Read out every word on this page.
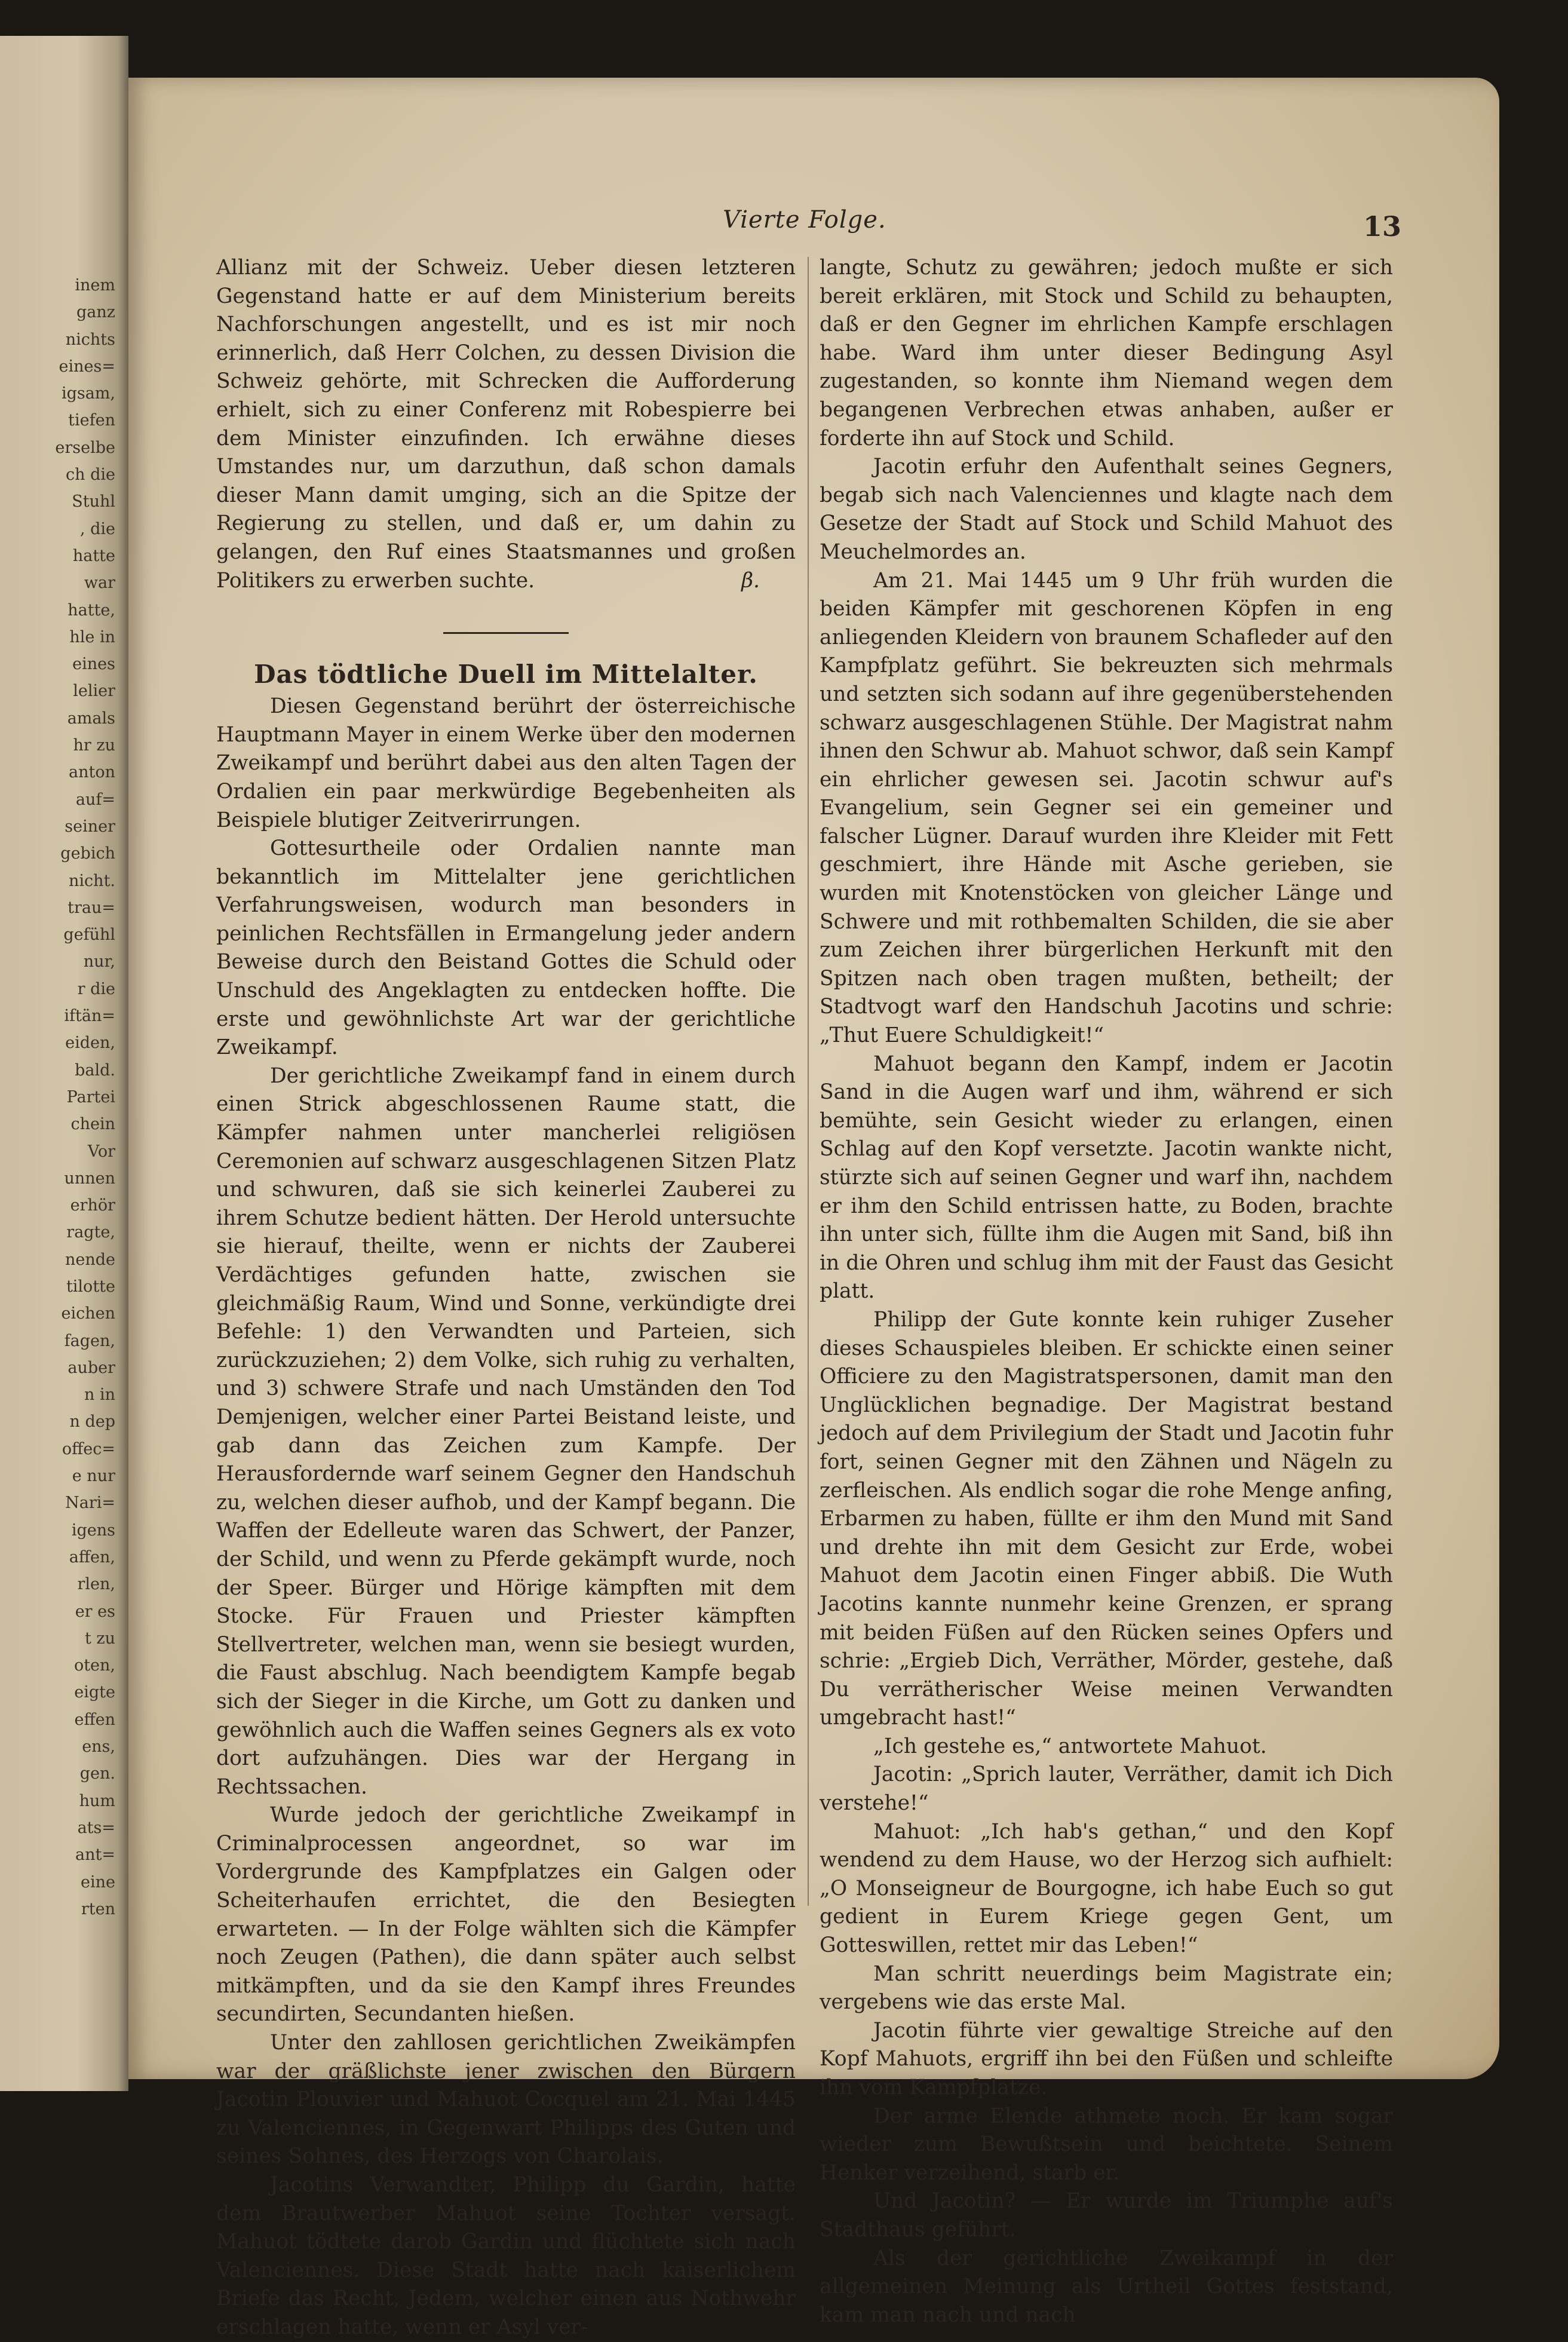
inem
ganz
nichts
eines=
igsam,
tiefen
erselbe
ch die
Stuhl
, die
hatte
war
hatte,
hle in
eines
lelier
amals
hr zu
anton
auf=
seiner
gebich
nicht.
trau=
gefühl
nur,
r die
iftän=
eiden,
bald.
Partei
chein
Vor
unnen
erhör
ragte,
nende
tilotte
eichen
fagen,
auber
n in
n dep
offec=
e nur
Nari=
igens
affen,
rlen,
er es
t zu
oten,
eigte
effen
ens,
gen.
hum
ats=
ant=
eine
rten
Vierte Folge.	13

Allianz mit der Schweiz. Ueber diesen letzteren Gegenstand hatte er auf dem Ministerium bereits Nachforschungen angestellt, und es ist mir noch erinnerlich, daß Herr Colchen, zu dessen Division die Schweiz gehörte, mit Schrecken die Aufforderung erhielt, sich zu einer Conferenz mit Robespierre bei dem Minister einzufinden. Ich erwähne dieses Umstandes nur, um darzuthun, daß schon damals dieser Mann damit umging, sich an die Spitze der Regierung zu stellen, und daß er, um dahin zu gelangen, den Ruf eines Staatsmannes und großen Politikers zu erwerben suchte.	β.
Das tödtliche Duell im Mittelalter.

Diesen Gegenstand berührt der österreichische Hauptmann Mayer in einem Werke über den modernen Zweikampf und berührt dabei aus den alten Tagen der Ordalien ein paar merkwürdige Begebenheiten als Beispiele blutiger Zeitverirrungen.

Gottesurtheile oder Ordalien nannte man bekanntlich im Mittelalter jene gerichtlichen Verfahrungsweisen, wodurch man besonders in peinlichen Rechtsfällen in Ermangelung jeder andern Beweise durch den Beistand Gottes die Schuld oder Unschuld des Angeklagten zu entdecken hoffte. Die erste und gewöhnlichste Art war der gerichtliche Zweikampf.

Der gerichtliche Zweikampf fand in einem durch einen Strick abgeschlossenen Raume statt, die Kämpfer nahmen unter mancherlei religiösen Ceremonien auf schwarz ausgeschlagenen Sitzen Platz und schwuren, daß sie sich keinerlei Zauberei zu ihrem Schutze bedient hätten. Der Herold untersuchte sie hierauf, theilte, wenn er nichts der Zauberei Verdächtiges gefunden hatte, zwischen sie gleichmäßig Raum, Wind und Sonne, verkündigte drei Befehle: 1) den Verwandten und Parteien, sich zurückzuziehen; 2) dem Volke, sich ruhig zu verhalten, und 3) schwere Strafe und nach Umständen den Tod Demjenigen, welcher einer Partei Beistand leiste, und gab dann das Zeichen zum Kampfe. Der Herausfordernde warf seinem Gegner den Handschuh zu, welchen dieser aufhob, und der Kampf begann. Die Waffen der Edelleute waren das Schwert, der Panzer, der Schild, und wenn zu Pferde gekämpft wurde, noch der Speer. Bürger und Hörige kämpften mit dem Stocke. Für Frauen und Priester kämpften Stellvertreter, welchen man, wenn sie besiegt wurden, die Faust abschlug. Nach beendigtem Kampfe begab sich der Sieger in die Kirche, um Gott zu danken und gewöhnlich auch die Waffen seines Gegners als ex voto dort aufzuhängen. Dies war der Hergang in Rechtssachen.

Wurde jedoch der gerichtliche Zweikampf in Criminalprocessen angeordnet, so war im Vordergrunde des Kampfplatzes ein Galgen oder Scheiterhaufen errichtet, die den Besiegten erwarteten. — In der Folge wählten sich die Kämpfer noch Zeugen (Pathen), die dann später auch selbst mitkämpften, und da sie den Kampf ihres Freundes secundirten, Secundanten hießen.

Unter den zahllosen gerichtlichen Zweikämpfen war der gräßlichste jener zwischen den Bürgern Jacotin Plouvier und Mahuot Cocquel am 21. Mai 1445 zu Valenciennes, in Gegenwart Philipps des Guten und seines Sohnes, des Herzogs von Charolais.

Jacotins Verwandter, Philipp du Gardin, hatte dem Brautwerber Mahuot seine Tochter versagt. Mahuot tödtete darob Gardin und flüchtete sich nach Valenciennes. Diese Stadt hatte nach kaiserlichem Briefe das Recht, Jedem, welcher einen aus Nothwehr erschlagen hatte, wenn er Asyl ver-

langte, Schutz zu gewähren; jedoch mußte er sich bereit erklären, mit Stock und Schild zu behaupten, daß er den Gegner im ehrlichen Kampfe erschlagen habe. Ward ihm unter dieser Bedingung Asyl zugestanden, so konnte ihm Niemand wegen dem begangenen Verbrechen etwas anhaben, außer er forderte ihn auf Stock und Schild.

Jacotin erfuhr den Aufenthalt seines Gegners, begab sich nach Valenciennes und klagte nach dem Gesetze der Stadt auf Stock und Schild Mahuot des Meuchelmordes an.

Am 21. Mai 1445 um 9 Uhr früh wurden die beiden Kämpfer mit geschorenen Köpfen in eng anliegenden Kleidern von braunem Schafleder auf den Kampfplatz geführt. Sie bekreuzten sich mehrmals und setzten sich sodann auf ihre gegenüberstehenden schwarz ausgeschlagenen Stühle. Der Magistrat nahm ihnen den Schwur ab. Mahuot schwor, daß sein Kampf ein ehrlicher gewesen sei. Jacotin schwur auf's Evangelium, sein Gegner sei ein gemeiner und falscher Lügner. Darauf wurden ihre Kleider mit Fett geschmiert, ihre Hände mit Asche gerieben, sie wurden mit Knotenstöcken von gleicher Länge und Schwere und mit rothbemalten Schilden, die sie aber zum Zeichen ihrer bürgerlichen Herkunft mit den Spitzen nach oben tragen mußten, betheilt; der Stadtvogt warf den Handschuh Jacotins und schrie: „Thut Euere Schuldigkeit!“

Mahuot begann den Kampf, indem er Jacotin Sand in die Augen warf und ihm, während er sich bemühte, sein Gesicht wieder zu erlangen, einen Schlag auf den Kopf versetzte. Jacotin wankte nicht, stürzte sich auf seinen Gegner und warf ihn, nachdem er ihm den Schild entrissen hatte, zu Boden, brachte ihn unter sich, füllte ihm die Augen mit Sand, biß ihn in die Ohren und schlug ihm mit der Faust das Gesicht platt.

Philipp der Gute konnte kein ruhiger Zuseher dieses Schauspieles bleiben. Er schickte einen seiner Officiere zu den Magistratspersonen, damit man den Unglücklichen begnadige. Der Magistrat bestand jedoch auf dem Privilegium der Stadt und Jacotin fuhr fort, seinen Gegner mit den Zähnen und Nägeln zu zerfleischen. Als endlich sogar die rohe Menge anfing, Erbarmen zu haben, füllte er ihm den Mund mit Sand und drehte ihn mit dem Gesicht zur Erde, wobei Mahuot dem Jacotin einen Finger abbiß. Die Wuth Jacotins kannte nunmehr keine Grenzen, er sprang mit beiden Füßen auf den Rücken seines Opfers und schrie: „Ergieb Dich, Verräther, Mörder, gestehe, daß Du verrätherischer Weise meinen Verwandten umgebracht hast!“

„Ich gestehe es,“ antwortete Mahuot.

Jacotin: „Sprich lauter, Verräther, damit ich Dich verstehe!“

Mahuot: „Ich hab's gethan,“ und den Kopf wendend zu dem Hause, wo der Herzog sich aufhielt: „O Monseigneur de Bourgogne, ich habe Euch so gut gedient in Eurem Kriege gegen Gent, um Gotteswillen, rettet mir das Leben!“

Man schritt neuerdings beim Magistrate ein; vergebens wie das erste Mal.

Jacotin führte vier gewaltige Streiche auf den Kopf Mahuots, ergriff ihn bei den Füßen und schleifte ihn vom Kampfplatze.

Der arme Elende athmete noch. Er kam sogar wieder zum Bewußtsein und beichtete. Seinem Henker verzeihend, starb er.

Und Jacotin? — Er wurde im Triumphe auf's Stadthaus geführt.

Als der gerichtliche Zweikampf in der allgemeinen Meinung als Urtheil Gottes feststand, kam man nach und nach
